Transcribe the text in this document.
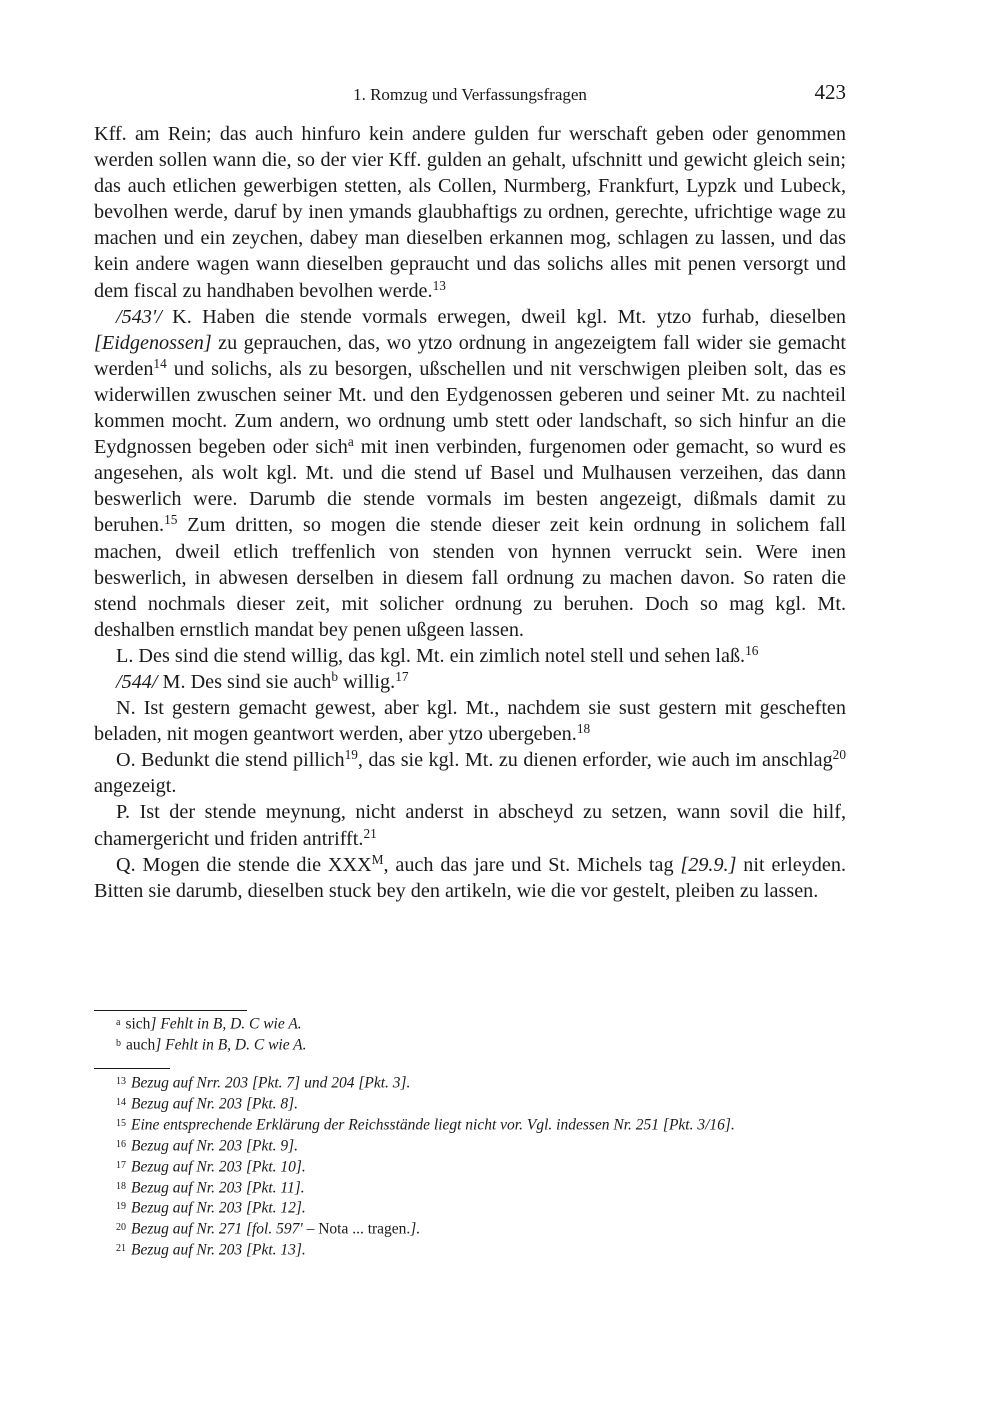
1. Romzug und Verfassungsfragen	423

Kff. am Rein; das auch hinfuro kein andere gulden fur werschaft geben oder genommen werden sollen wann die, so der vier Kff. gulden an gehalt, ufschnitt und gewicht gleich sein; das auch etlichen gewerbigen stetten, als Collen, Nurmberg, Frankfurt, Lypzk und Lubeck, bevolhen werde, daruf by inen ymands glaubhaftigs zu ordnen, gerechte, ufrichtige wage zu machen und ein zeychen, dabey man dieselben erkannen mog, schlagen zu lassen, und das kein andere wagen wann dieselben gepraucht und das solichs alles mit penen versorgt und dem fiscal zu handhaben bevolhen werde.$^{13}$

/543'/ K. Haben die stende vormals erwegen, dweil kgl. Mt. ytzo furhab, dieselben [Eidgenossen] zu geprauchen, das, wo ytzo ordnung in angezeigtem fall wider sie gemacht werden$^{14}$ und solichs, als zu besorgen, ußschellen und nit verschwigen pleiben solt, das es widerwillen zwuschen seiner Mt. und den Eydgenossen geberen und seiner Mt. zu nachteil kommen mocht. Zum andern, wo ordnung umb stett oder landschaft, so sich hinfur an die Eydgnossen begeben oder sich$^a$ mit inen verbinden, furgenomen oder gemacht, so wurd es angesehen, als wolt kgl. Mt. und die stend uf Basel und Mulhausen verzeihen, das dann beswerlich were. Darumb die stende vormals im besten angezeigt, dißmals damit zu beruhen.$^{15}$ Zum dritten, so mogen die stende dieser zeit kein ordnung in solichem fall machen, dweil etlich treffenlich von stenden von hynnen verruckt sein. Were inen beswerlich, in abwesen derselben in diesem fall ordnung zu machen davon. So raten die stend nochmals dieser zeit, mit solicher ordnung zu beruhen. Doch so mag kgl. Mt. deshalben ernstlich mandat bey penen ußgeen lassen.

L. Des sind die stend willig, das kgl. Mt. ein zimlich notel stell und sehen laß.$^{16}$

/544/ M. Des sind sie auch$^b$ willig.$^{17}$

N. Ist gestern gemacht gewest, aber kgl. Mt., nachdem sie sust gestern mit gescheften beladen, nit mogen geantwort werden, aber ytzo ubergeben.$^{18}$

O. Bedunkt die stend pillich$^{19}$, das sie kgl. Mt. zu dienen erforder, wie auch im anschlag$^{20}$ angezeigt.

P. Ist der stende meynung, nicht anderst in abscheyd zu setzen, wann sovil die hilf, chamergericht und friden antrifft.$^{21}$

Q. Mogen die stende die $XXX^M$, auch das jare und St. Michels tag [29.9.] nit erleyden. Bitten sie darumb, dieselben stuck bey den artikeln, wie die vor gestelt, pleiben zu lassen.

$^a$ sich] Fehlt in B, D. C wie A.
$^b$ auch] Fehlt in B, D. C wie A.
$^{13}$ Bezug auf Nrr. 203 [Pkt. 7] und 204 [Pkt. 3].
$^{14}$ Bezug auf Nr. 203 [Pkt. 8].
$^{15}$ Eine entsprechende Erklärung der Reichsstände liegt nicht vor. Vgl. indessen Nr. 251 [Pkt. 3/16].
$^{16}$ Bezug auf Nr. 203 [Pkt. 9].
$^{17}$ Bezug auf Nr. 203 [Pkt. 10].
$^{18}$ Bezug auf Nr. 203 [Pkt. 11].
$^{19}$ Bezug auf Nr. 203 [Pkt. 12].
$^{20}$ Bezug auf Nr. 271 [fol. 597' – Nota ... tragen.].
$^{21}$ Bezug auf Nr. 203 [Pkt. 13].
